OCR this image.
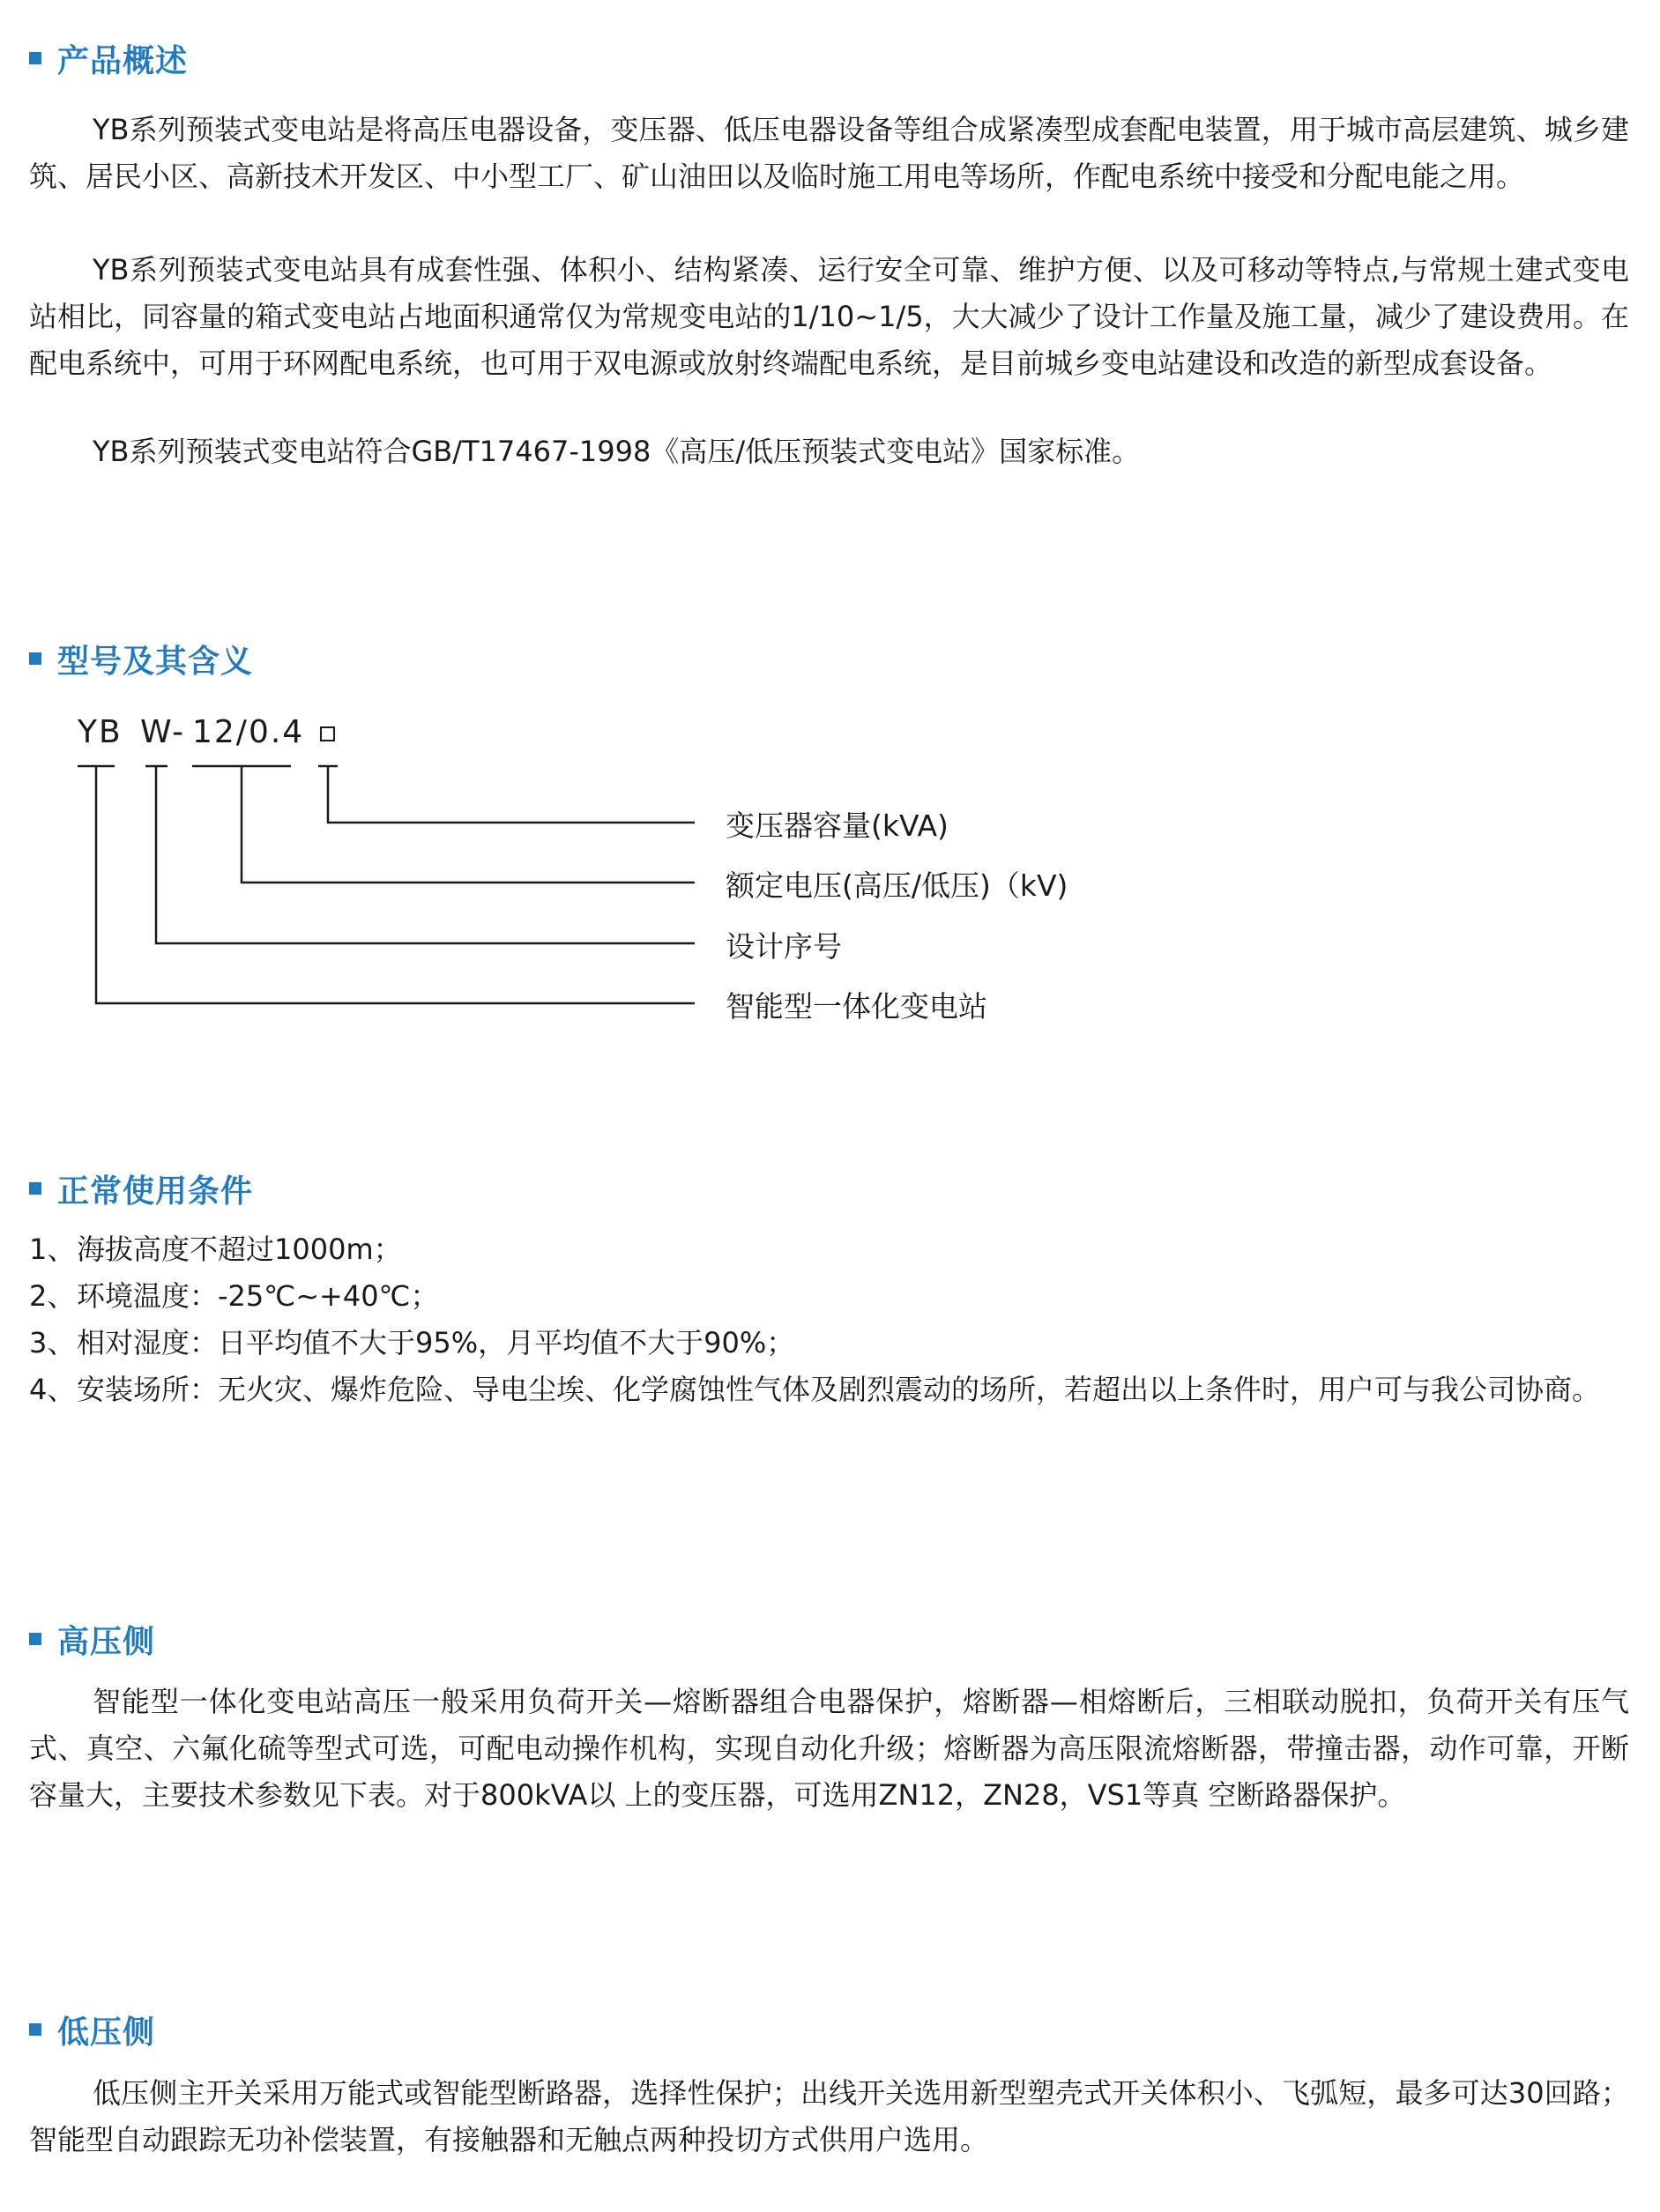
产品概述

YB系列预装式变电站是将高压电器设备，变压器、低压电器设备等组合成紧凑型成套配电装置，用于城市高层建筑、城乡建筑、居民小区、高新技术开发区、中小型工厂、矿山油田以及临时施工用电等场所，作配电系统中接受和分配电能之用。

YB系列预装式变电站具有成套性强、体积小、结构紧凑、运行安全可靠、维护方便、以及可移动等特点,与常规土建式变电站相比，同容量的箱式变电站占地面积通常仅为常规变电站的1/10~1/5，大大减少了设计工作量及施工量，减少了建设费用。在配电系统中，可用于环网配电系统，也可用于双电源或放射终端配电系统，是目前城乡变电站建设和改造的新型成套设备。

YB系列预装式变电站符合GB/T17467-1998《高压/低压预装式变电站》国家标准。

型号及其含义
YB W- 12/0.4
变压器容量(kVA)
额定电压(高压/低压)（kV)
设计序号
智能型一体化变电站
正常使用条件
1、 海拔高度不超过1000m；
2、 环境温度：-25℃~+40℃；
3、 相对湿度：日平均值不大于95%，月平均值不大于90%；
4、 安装场所：无火灾、爆炸危险、导电尘埃、化学腐蚀性气体及剧烈震动的场所，若超出以上条件时，用户可与我公司协商。
高压侧

智能型一体化变电站高压一般采用负荷开关—熔断器组合电器保护，熔断器—相熔断后，三相联动脱扣，负荷开关有压气式、真空、六氟化硫等型式可选，可配电动操作机构，实现自动化升级；熔断器为高压限流熔断器，带撞击器，动作可靠，开断容量大，主要技术参数见下表。对于800kVA以 上的变压器，可选用ZN12，ZN28，VS1等真 空断路器保护。

低压侧

低压侧主开关采用万能式或智能型断路器，选择性保护；出线开关选用新型塑壳式开关体积小、飞弧短，最多可达30回路；智能型自动跟踪无功补偿装置，有接触器和无触点两种投切方式供用户选用。
